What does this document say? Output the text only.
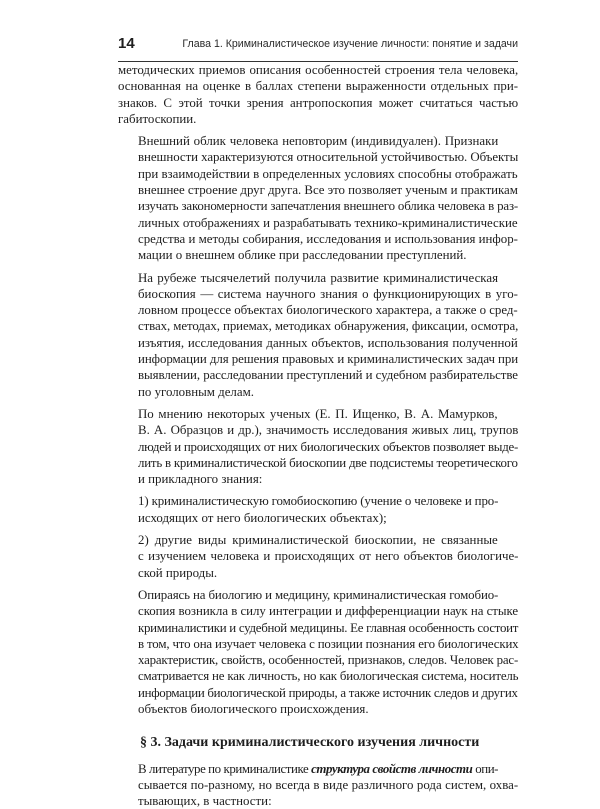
14	Глава 1. Криминалистическое изучение личности: понятие и задачи

методических приемов описания особенностей строения тела человека,
основанная на оценке в баллах степени выраженности отдельных при-
знаков. С этой точки зрения антропоскопия может считаться частью
габитоскопии.

Внешний облик человека неповторим (индивидуален). Признаки
внешности характеризуются относительной устойчивостью. Объекты
при взаимодействии в определенных условиях способны отображать
внешнее строение друг друга. Все это позволяет ученым и практикам
изучать закономерности запечатления внешнего облика человека в раз-
личных отображениях и разрабатывать технико-криминалистические
средства и методы собирания, исследования и использования инфор-
мации о внешнем облике при расследовании преступлений.

На рубеже тысячелетий получила развитие криминалистическая
биоскопия — система научного знания о функционирующих в уго-
ловном процессе объектах биологического характера, а также о сред-
ствах, методах, приемах, методиках обнаружения, фиксации, осмотра,
изъятия, исследования данных объектов, использования полученной
информации для решения правовых и криминалистических задач при
выявлении, расследовании преступлений и судебном разбирательстве
по уголовным делам.

По мнению некоторых ученых (Е. П. Ищенко, В. А. Мамурков,
В. А. Образцов и др.), значимость исследования живых лиц, трупов
людей и происходящих от них биологических объектов позволяет выде-
лить в криминалистической биоскопии две подсистемы теоретического
и прикладного знания:

1) криминалистическую гомобиоскопию (учение о человеке и про-
исходящих от него биологических объектах);

2) другие виды криминалистической биоскопии, не связанные
с изучением человека и происходящих от него объектов биологиче-
ской природы.

Опираясь на биологию и медицину, криминалистическая гомобио-
скопия возникла в силу интеграции и дифференциации наук на стыке
криминалистики и судебной медицины. Ее главная особенность состоит
в том, что она изучает человека с позиции познания его биологических
характеристик, свойств, особенностей, признаков, следов. Человек рас-
сматривается не как личность, но как биологическая система, носитель
информации биологической природы, а также источник следов и других
объектов биологического происхождения.

§ 3. Задачи криминалистического изучения личности

В литературе по криминалистике структура свойств личности опи-
сывается по-разному, но всегда в виде различного рода систем, охва-
тывающих, в частности:
